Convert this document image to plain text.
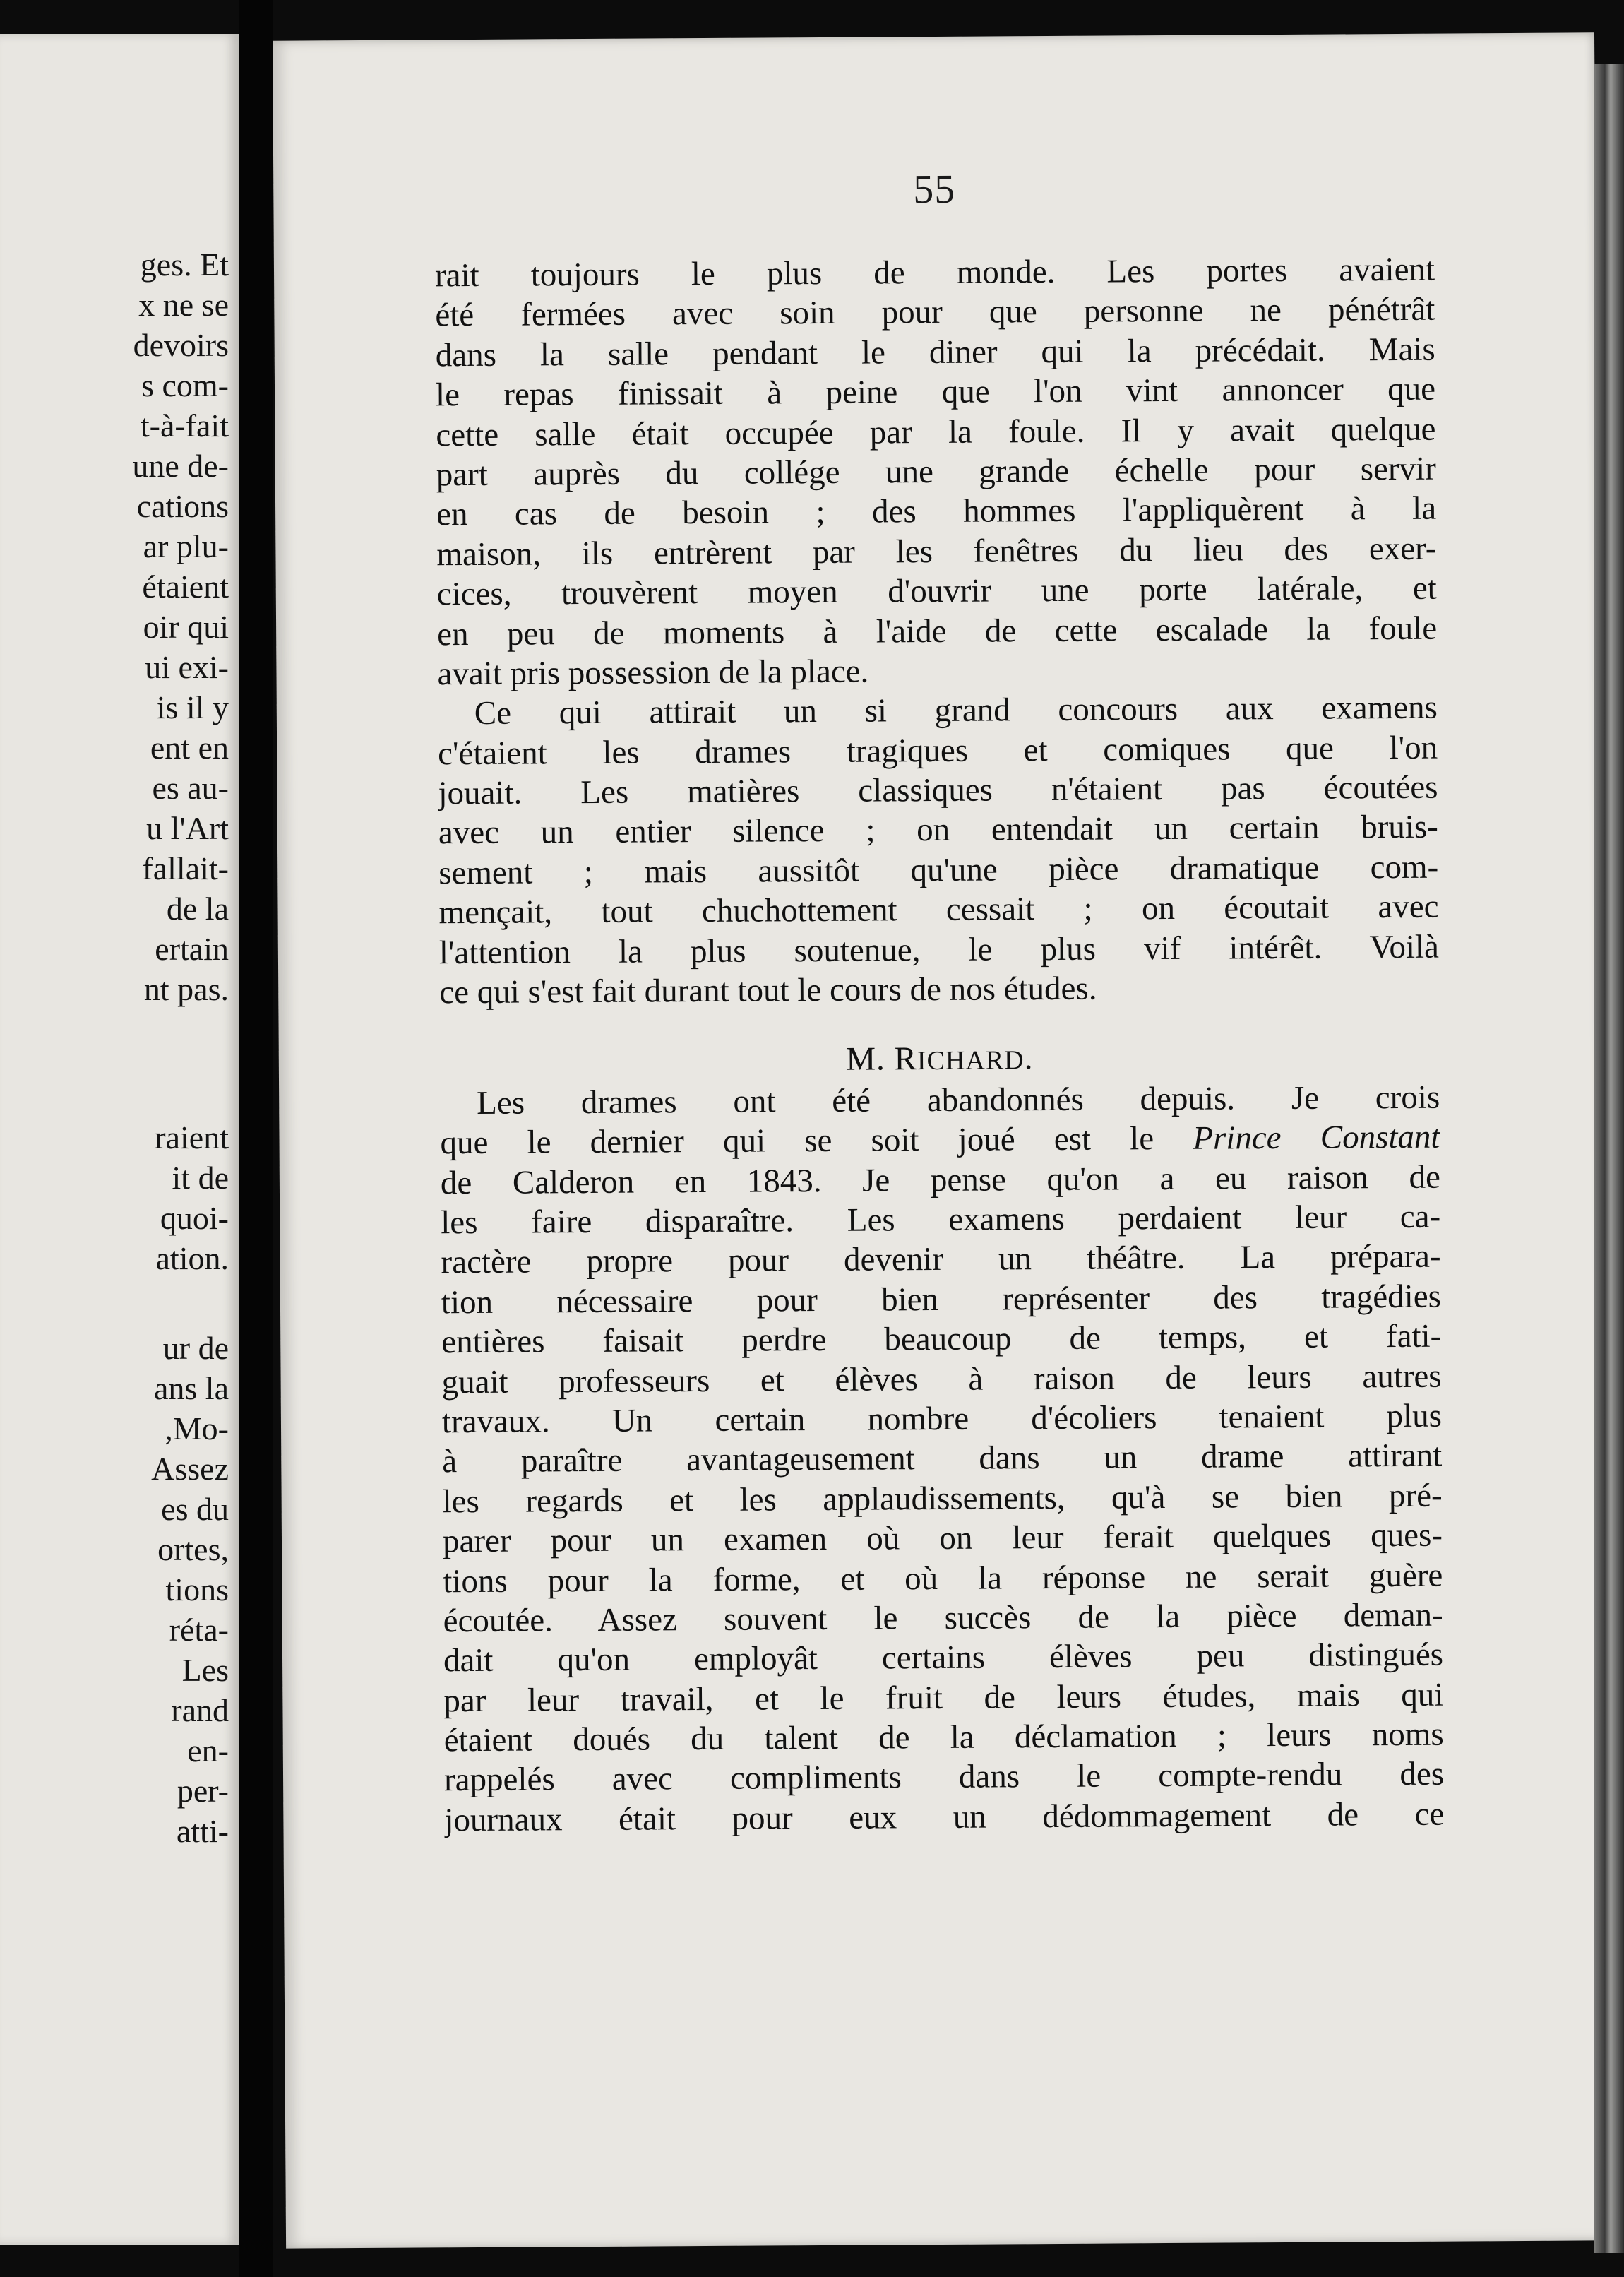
ges. Et
x ne se
devoirs
s com-
t-à-fait
une de-
cations
ar plu-
étaient
oir qui
ui exi-
is il y
ent en
es au-
u l'Art
fallait-
de la
ertain
nt pas.
raient
it de
quoi-
ation.
ur de
ans la
,Mo-
Assez
es du
ortes,
tions
réta-
Les
rand
en-
per-
atti-
55
rait toujours le plus de monde. Les portes avaient
été fermées avec soin pour que personne ne pénétrât
dans la salle pendant le diner qui la précédait. Mais
le repas finissait à peine que l'on vint annoncer que
cette salle était occupée par la foule. Il y avait quelque
part auprès du collége une grande échelle pour servir
en cas de besoin ; des hommes l'appliquèrent à la
maison, ils entrèrent par les fenêtres du lieu des exer-
cices, trouvèrent moyen d'ouvrir une porte latérale, et
en peu de moments à l'aide de cette escalade la foule
avait pris possession de la place.
Ce qui attirait un si grand concours aux examens
c'étaient les drames tragiques et comiques que l'on
jouait. Les matières classiques n'étaient pas écoutées
avec un entier silence ; on entendait un certain bruis-
sement ; mais aussitôt qu'une pièce dramatique com-
mençait, tout chuchottement cessait ; on écoutait avec
l'attention la plus soutenue, le plus vif intérêt. Voilà
ce qui s'est fait durant tout le cours de nos études.
M. RICHARD.
Les drames ont été abandonnés depuis. Je crois
que le dernier qui se soit joué est le Prince Constant
de Calderon en 1843. Je pense qu'on a eu raison de
les faire disparaître. Les examens perdaient leur ca-
ractère propre pour devenir un théâtre. La prépara-
tion nécessaire pour bien représenter des tragédies
entières faisait perdre beaucoup de temps, et fati-
guait professeurs et élèves à raison de leurs autres
travaux. Un certain nombre d'écoliers tenaient plus
à paraître avantageusement dans un drame attirant
les regards et les applaudissements, qu'à se bien pré-
parer pour un examen où on leur ferait quelques ques-
tions pour la forme, et où la réponse ne serait guère
écoutée. Assez souvent le succès de la pièce deman-
dait qu'on employât certains élèves peu distingués
par leur travail, et le fruit de leurs études, mais qui
étaient doués du talent de la déclamation ; leurs noms
rappelés avec compliments dans le compte-rendu des
journaux était pour eux un dédommagement de ce
